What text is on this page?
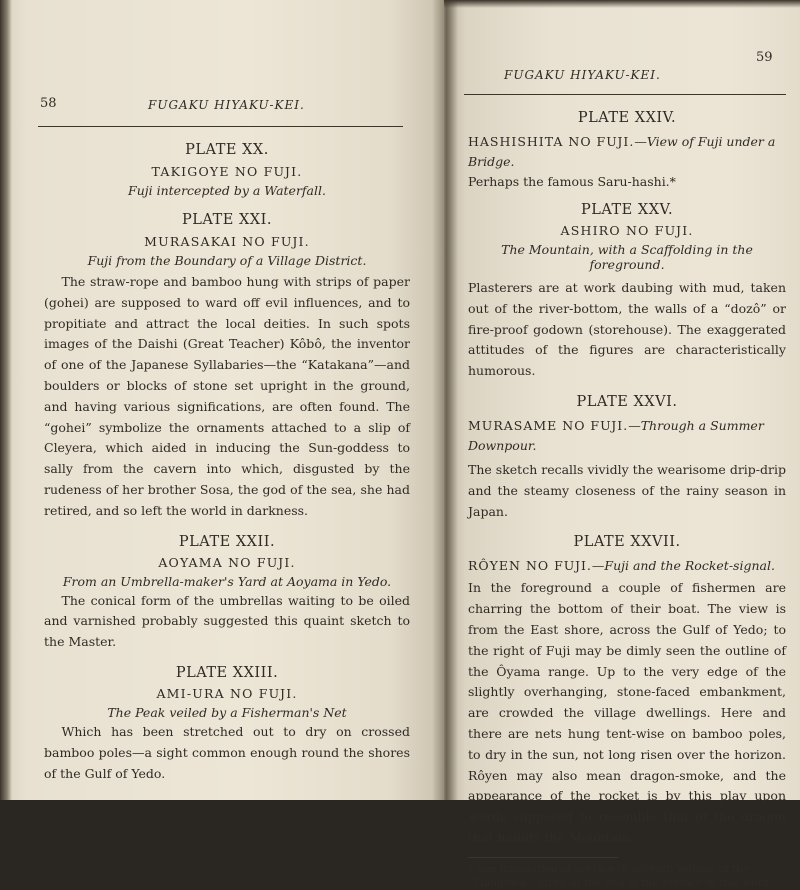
58	FUGAKU HIYAKU-KEI.
PLATE XX.
TAKIGOYE NO FUJI.
Fuji intercepted by a Waterfall.
PLATE XXI.
MURASAKAI NO FUJI.
Fuji from the Boundary of a Village District.
The straw-rope and bamboo hung with strips of paper (gohei) are supposed to ward off evil influences, and to propitiate and attract the local deities. In such spots images of the Daishi (Great Teacher) Kôbô, the inventor of one of the Japanese Syllabaries—the “Katakana”—and boulders or blocks of stone set upright in the ground, and having various significations, are often found. The “gohei” symbolize the ornaments attached to a slip of Cleyera, which aided in inducing the Sun-goddess to sally from the cavern into which, disgusted by the rudeness of her brother Sosa, the god of the sea, she had retired, and so left the world in darkness.
PLATE XXII.
AOYAMA NO FUJI.
From an Umbrella-maker's Yard at Aoyama in Yedo.
The conical form of the umbrellas waiting to be oiled and varnished probably suggested this quaint sketch to the Master.
PLATE XXIII.
AMI-URA NO FUJI.
The Peak veiled by a Fisherman's Net
Which has been stretched out to dry on crossed bamboo poles—a sight common enough round the shores of the Gulf of Yedo.
FUGAKU HIYAKU-KEI.
59
PLATE XXIV.
HASHISHITA NO FUJI.—View of Fuji under a Bridge.
Perhaps the famous Saru-hashi.*
PLATE XXV.
ASHIRO NO FUJI.
The Mountain, with a Scaffolding in the foreground.
Plasterers are at work daubing with mud, taken out of the river-bottom, the walls of a “dozô” or fire-proof godown (storehouse). The exaggerated attitudes of the figures are characteristically humorous.
PLATE XXVI.
MURASAME NO FUJI.—Through a Summer Downpour.
The sketch recalls vividly the wearisome drip-drip and the steamy closeness of the rainy season in Japan.
PLATE XXVII.
RÔYEN NO FUJI.—Fuji and the Rocket-signal.
In the foreground a couple of fishermen are charring the bottom of their boat. The view is from the East shore, across the Gulf of Yedo; to the right of Fuji may be dimly seen the outline of the Ôyama range. Up to the very edge of the slightly overhanging, stone-faced embankment, are crowded the village dwellings. Here and there are nets hung tent-wise on bamboo poles, to dry in the sun, not long risen over the horizon. Rôyen may also mean dragon-smoke, and the appearance of the rocket is by this play upon words supposed to resemble that of the dragon that haunts the Mountain.
* See translation of preface to seventh volume of the “Manguwa,” given at the end of the Preface to this work.
